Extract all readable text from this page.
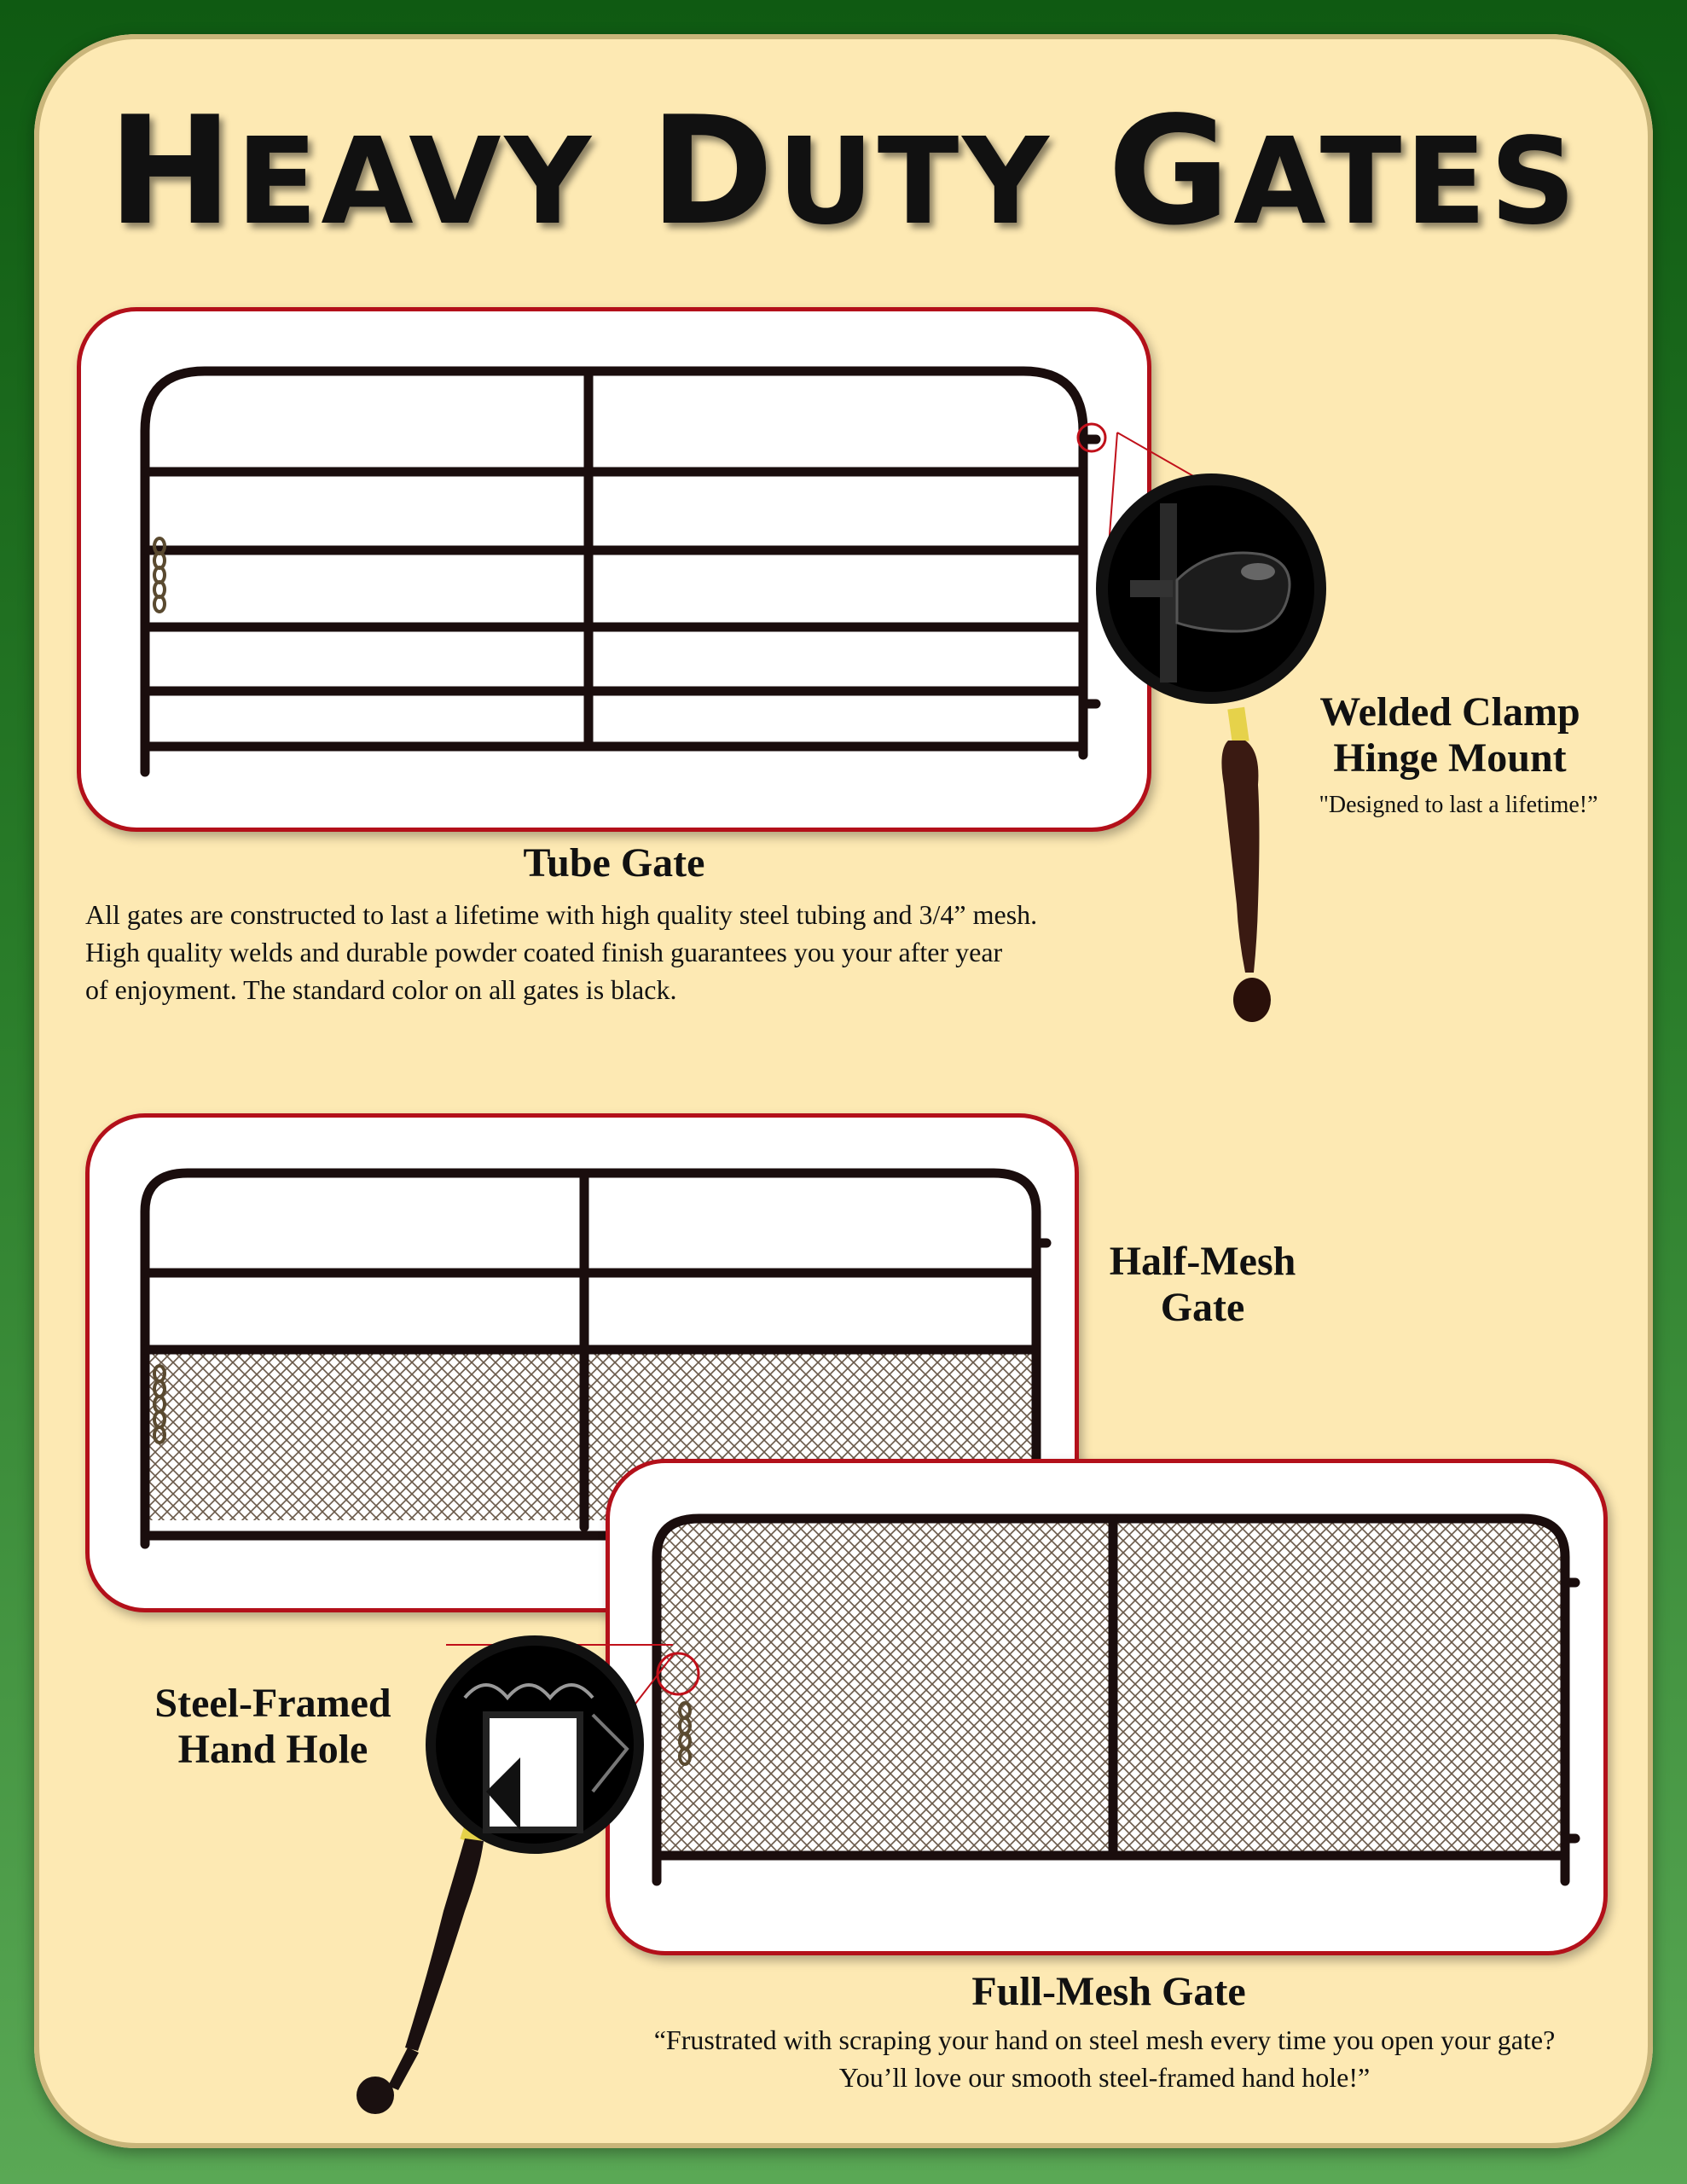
HEAVY DUTY GATES
Welded Clamp
Hinge Mount
"Designed to last a lifetime!”
Tube Gate
All gates are constructed to last a lifetime with high quality steel tubing and 3/4” mesh.
High quality welds and durable powder coated finish guarantees you your after year
of enjoyment. The standard color on all gates is black.
Half-Mesh
Gate
Steel-Framed
Hand Hole
Full-Mesh Gate
“Frustrated with scraping your hand on steel mesh every time you open your gate?
You’ll love our smooth steel-framed hand hole!”
